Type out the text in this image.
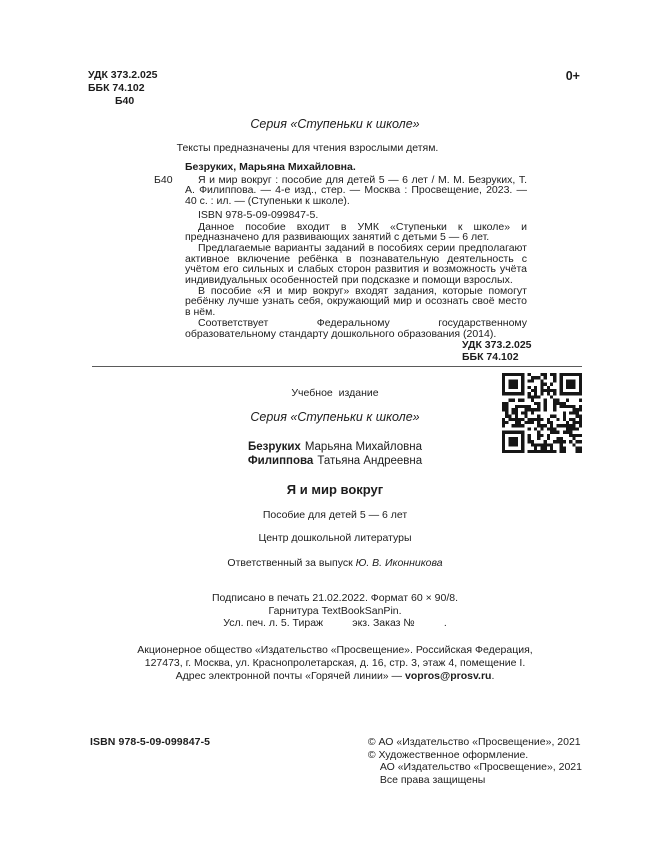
УДК 373.2.025
ББК 74.102
Б40
0+
Серия «Ступеньки к школе»
Тексты предназначены для чтения взрослыми детям.
Б40
Безруких, Марьяна Михайловна.

Я и мир вокруг : пособие для детей 5 — 6 лет / М. М. Безруких, Т. А. Филиппова. — 4-е изд., стер. — Москва : Просвещение, 2023. — 40 с. : ил. — (Ступеньки к школе).

ISBN 978-5-09-099847-5.

Данное пособие входит в УМК «Ступеньки к школе» и предназначено для развивающих занятий с детьми 5 — 6 лет.

Предлагаемые варианты заданий в пособиях серии предполагают активное включение ребёнка в познавательную деятельность с учётом его сильных и слабых сторон развития и возможность учёта индивидуальных особенностей при подсказке и помощи взрослых.

В пособие «Я и мир вокруг» входят задания, которые помогут ребёнку лучше узнать себя, окружающий мир и осознать своё место в нём.

Соответствует Федеральному государственному образовательному стандарту дошкольного образования (2014).

УДК 373.2.025
ББК 74.102
Учебное издание
Серия «Ступеньки к школе»
Безруких Марьяна Михайловна
Филиппова Татьяна Андреевна
Я и мир вокруг
Пособие для детей 5 — 6 лет
Центр дошкольной литературы
Ответственный за выпуск Ю. В. Иконникова
Подписано в печать 21.02.2022. Формат 60 × 90/8.
Гарнитура TextBookSanPin.
Усл. печ. л. 5. Тираж          экз. Заказ №          .
Акционерное общество «Издательство «Просвещение». Российская Федерация,
127473, г. Москва, ул. Краснопролетарская, д. 16, стр. 3, этаж 4, помещение I.
Адрес электронной почты «Горячей линии» — vopros@prosv.ru.
ISBN 978-5-09-099847-5	© АО «Издательство «Просвещение», 2021
© Художественное оформление.
АО «Издательство «Просвещение», 2021
Все права защищены
